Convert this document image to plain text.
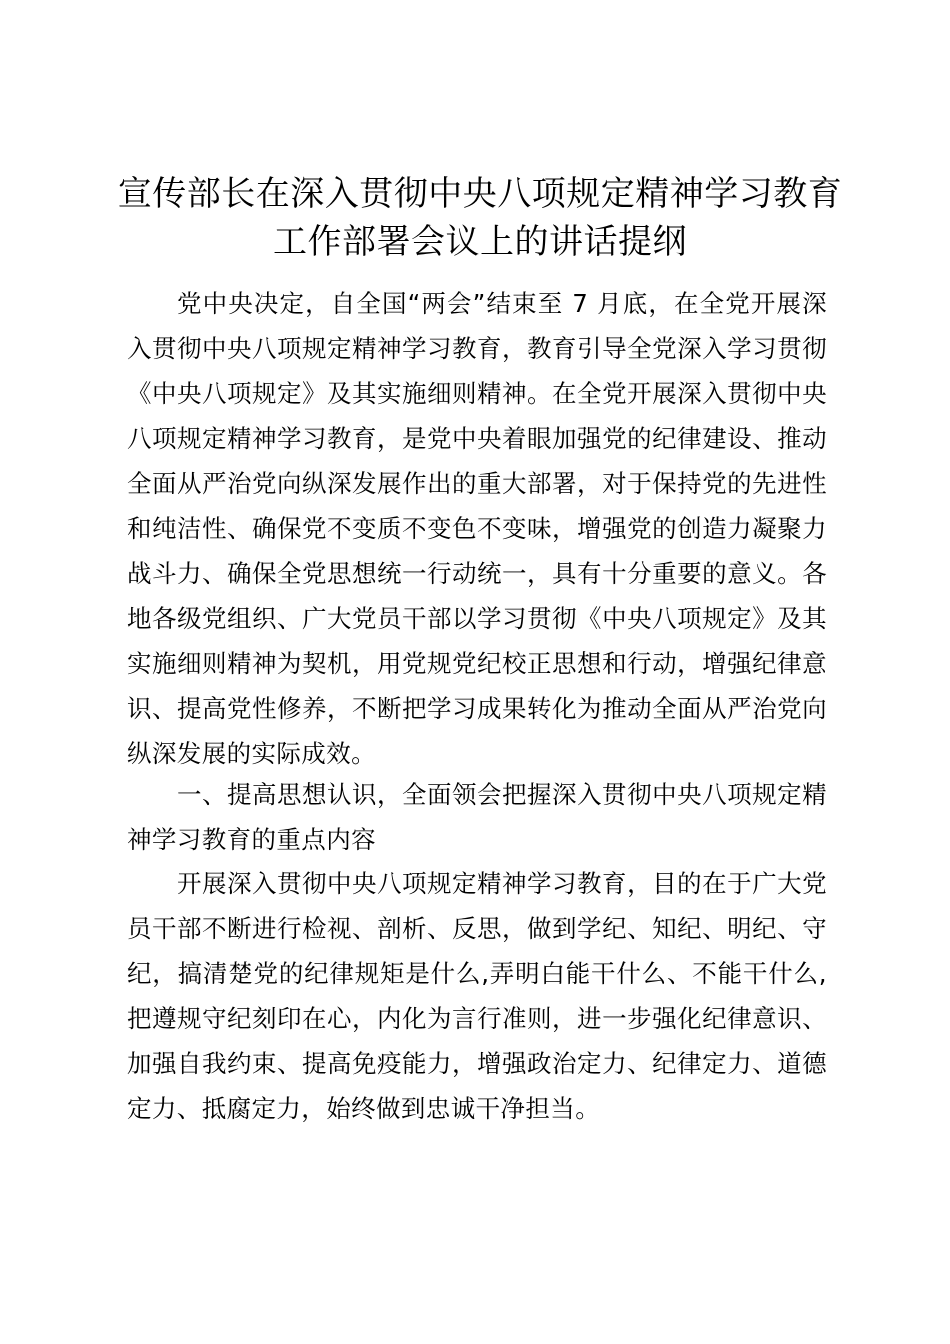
宣传部长在深入贯彻中央八项规定精神学习教育工作部署会议上的讲话提纲

党中央决定，自全国“两会”结束至 7 月底，在全党开展深入贯彻中央八项规定精神学习教育，教育引导全党深入学习贯彻《中央八项规定》及其实施细则精神。在全党开展深入贯彻中央八项规定精神学习教育，是党中央着眼加强党的纪律建设、推动全面从严治党向纵深发展作出的重大部署，对于保持党的先进性和纯洁性、确保党不变质不变色不变味，增强党的创造力凝聚力战斗力、确保全党思想统一行动统一，具有十分重要的意义。各地各级党组织、广大党员干部以学习贯彻《中央八项规定》及其实施细则精神为契机，用党规党纪校正思想和行动，增强纪律意识、提高党性修养，不断把学习成果转化为推动全面从严治党向纵深发展的实际成效。

一、提高思想认识，全面领会把握深入贯彻中央八项规定精神学习教育的重点内容

开展深入贯彻中央八项规定精神学习教育，目的在于广大党员干部不断进行检视、剖析、反思，做到学纪、知纪、明纪、守纪，搞清楚党的纪律规矩是什么,弄明白能干什么、不能干什么,把遵规守纪刻印在心，内化为言行准则，进一步强化纪律意识、加强自我约束、提高免疫能力，增强政治定力、纪律定力、道德定力、抵腐定力，始终做到忠诚干净担当。
